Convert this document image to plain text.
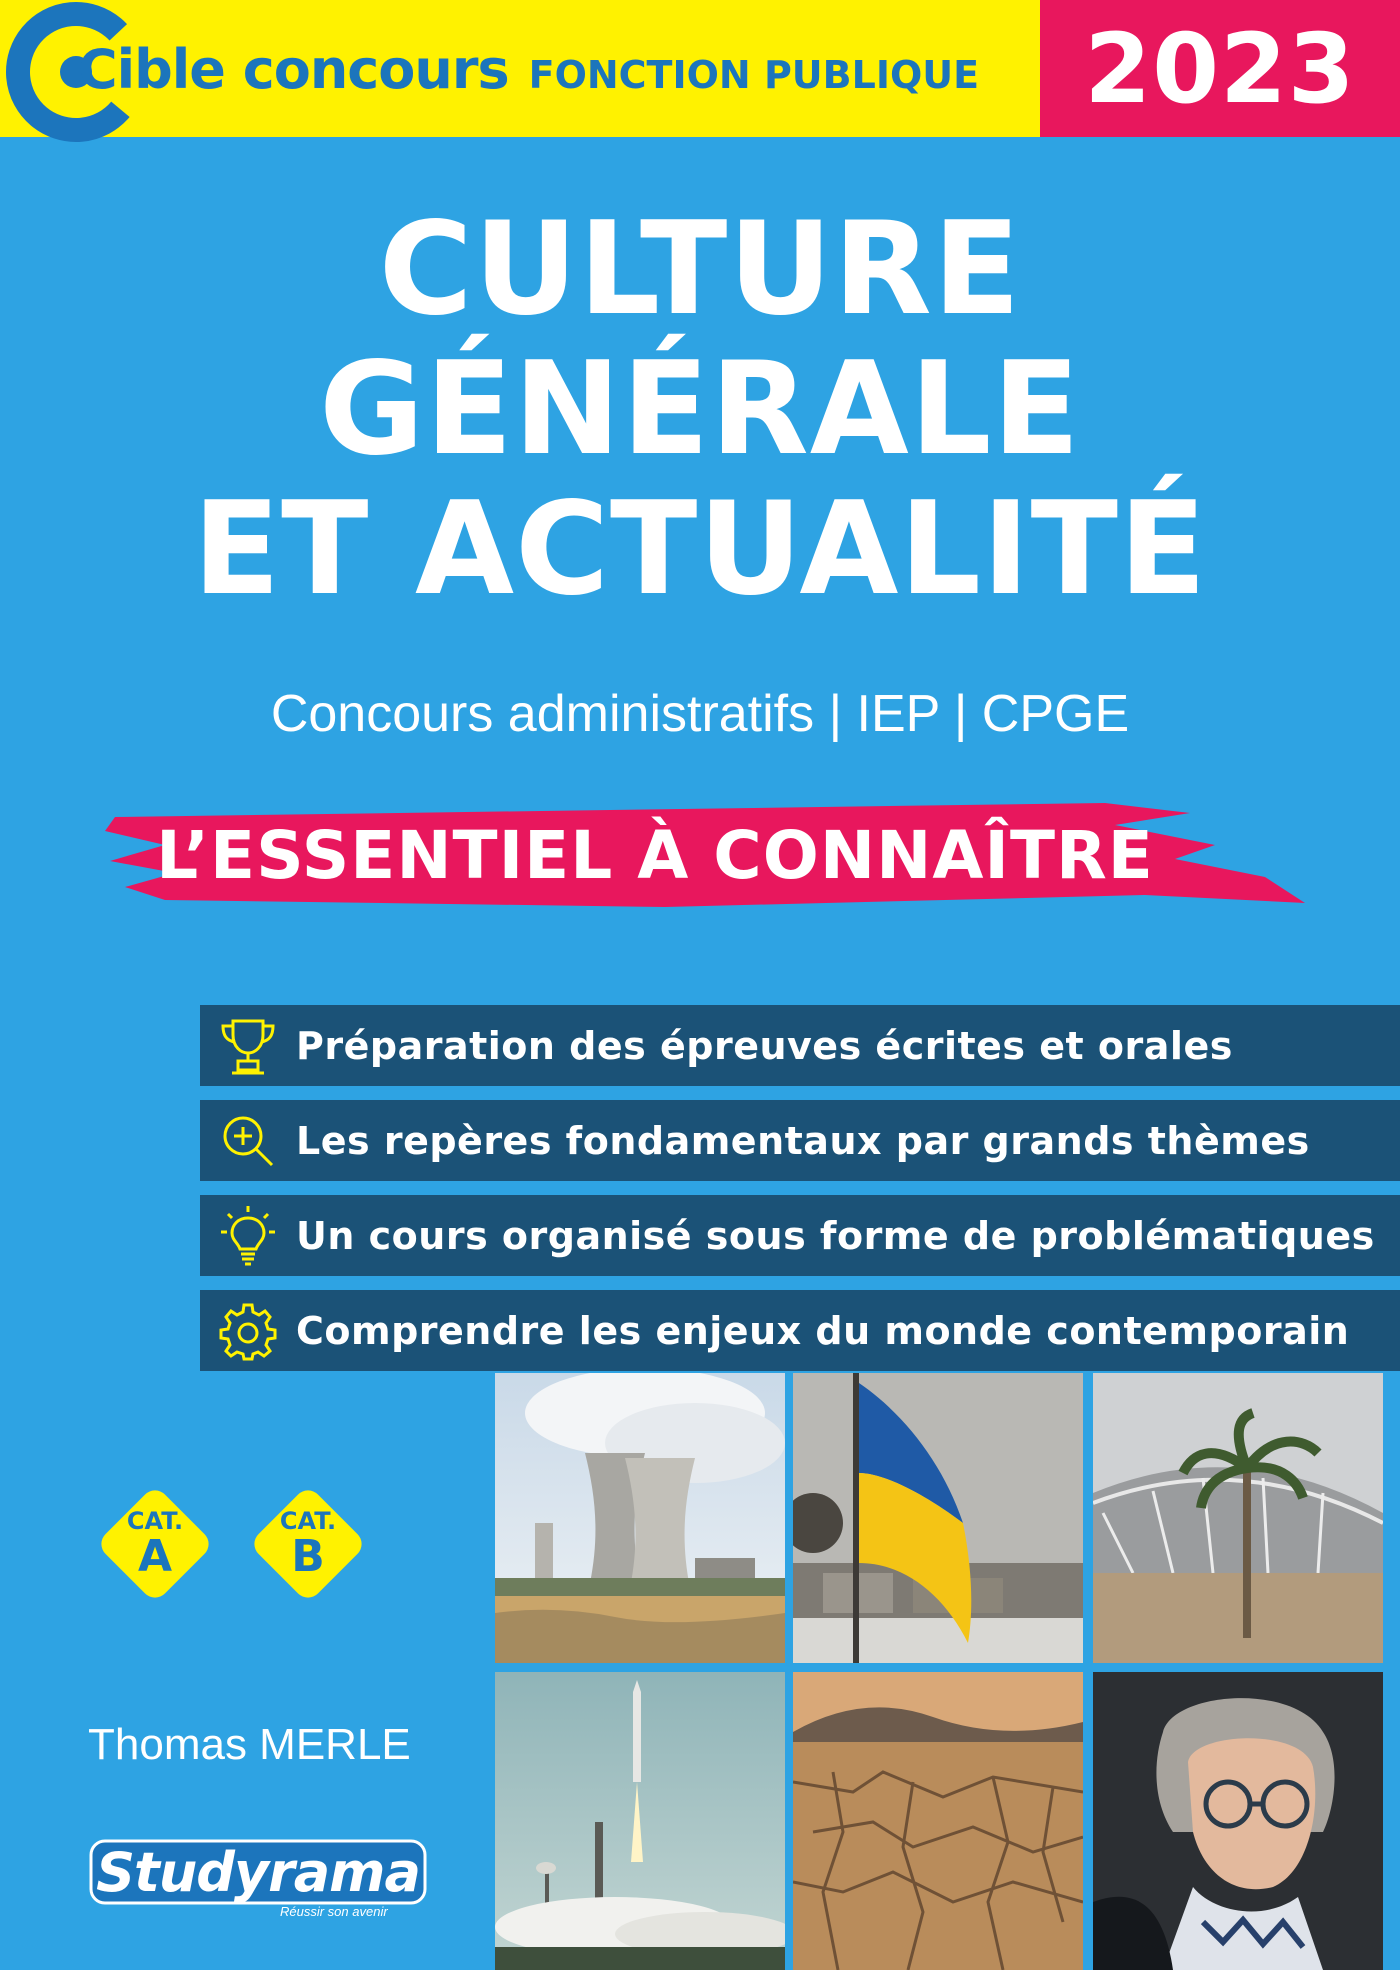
2023
Cible concours FONCTION PUBLIQUE
CULTURE
GÉNÉRALE
ET ACTUALITÉ
Concours administratifs | IEP | CPGE
L’ESSENTIEL À CONNAÎTRE
Préparation des épreuves écrites et orales
Les repères fondamentaux par grands thèmes
Un cours organisé sous forme de problématiques
Comprendre les enjeux du monde contemporain
CAT.
A
CAT.
B
Thomas MERLE
Studyrama
Réussir son avenir
